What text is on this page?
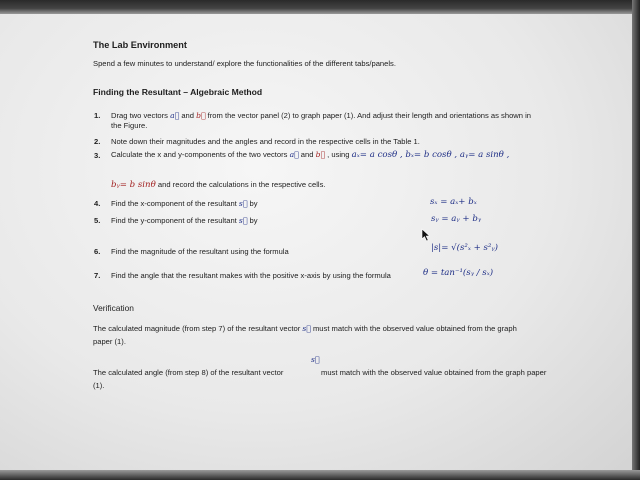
The Lab Environment
Spend a few minutes to understand/ explore the functionalities of the different tabs/panels.
Finding the Resultant – Algebraic Method
1. Drag two vectors a⃗ and b⃗ from the vector panel (2) to graph paper (1). And adjust their length and orientations as shown in
the Figure.
2. Note down their magnitudes and the angles and record in the respective cells in the Table 1.
3. Calculate the x and y-components of the two vectors a⃗ and b⃗ , using aₓ= a cosθ , bₓ= b cosθ , aᵧ= a sinθ ,
bᵧ= b sinθ and record the calculations in the respective cells.
4. Find the x-component of the resultant s⃗ by	sₓ = aₓ+ bₓ
5. Find the y-component of the resultant s⃗ by	sᵧ = aᵧ + bᵧ
6. Find the magnitude of the resultant using the formula	|s|= √(s²ₓ + s²ᵧ)
7. Find the angle that the resultant makes with the positive x-axis by using the formula	θ = tan⁻¹(sᵧ / sₓ)
Verification
The calculated magnitude (from step 7) of the resultant vector s⃗ must match with the observed value obtained from the graph
paper (1).
s⃗
The calculated angle (from step 8) of the resultant vector	must match with the observed value obtained from the graph paper
(1).
